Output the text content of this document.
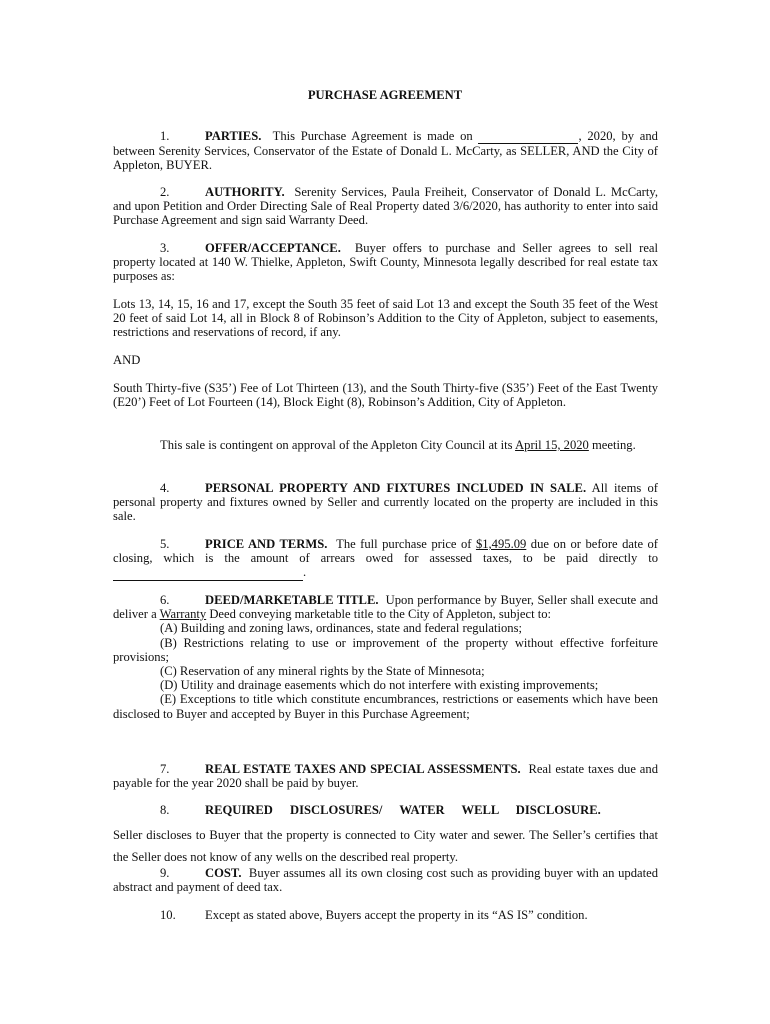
PURCHASE AGREEMENT

1.	PARTIES. This Purchase Agreement is made on	, 2020, by and between Serenity Services, Conservator of the Estate of Donald L. McCarty, as SELLER, AND the City of Appleton, BUYER.

2.	AUTHORITY. Serenity Services, Paula Freiheit, Conservator of Donald L. McCarty, and upon Petition and Order Directing Sale of Real Property dated 3/6/2020, has authority to enter into said Purchase Agreement and sign said Warranty Deed.

3.	OFFER/ACCEPTANCE. Buyer offers to purchase and Seller agrees to sell real property located at 140 W. Thielke, Appleton, Swift County, Minnesota legally described for real estate tax purposes as:

Lots 13, 14, 15, 16 and 17, except the South 35 feet of said Lot 13 and except the South 35 feet of the West 20 feet of said Lot 14, all in Block 8 of Robinson’s Addition to the City of Appleton, subject to easements, restrictions and reservations of record, if any.

AND

South Thirty-five (S35’) Fee of Lot Thirteen (13), and the South Thirty-five (S35’) Feet of the East Twenty (E20’) Feet of Lot Fourteen (14), Block Eight (8), Robinson’s Addition, City of Appleton.

This sale is contingent on approval of the Appleton City Council at its April 15, 2020 meeting.

4.	PERSONAL PROPERTY AND FIXTURES INCLUDED IN SALE. All items of personal property and fixtures owned by Seller and currently located on the property are included in this sale.

5.	PRICE AND TERMS. The full purchase price of $1,495.09 due on or before date of closing, which is the amount of arrears owed for assessed taxes, to be paid directly to  .

6.	DEED/MARKETABLE TITLE. Upon performance by Buyer, Seller shall execute and deliver a Warranty Deed conveying marketable title to the City of Appleton, subject to:
(A) Building and zoning laws, ordinances, state and federal regulations;
(B) Restrictions relating to use or improvement of the property without effective forfeiture provisions;
(C) Reservation of any mineral rights by the State of Minnesota;
(D) Utility and drainage easements which do not interfere with existing improvements;
(E) Exceptions to title which constitute encumbrances, restrictions or easements which have been disclosed to Buyer and accepted by Buyer in this Purchase Agreement;

7.	REAL ESTATE TAXES AND SPECIAL ASSESSMENTS. Real estate taxes due and payable for the year 2020 shall be paid by buyer.

8.	REQUIRED DISCLOSURES/ WATER WELL DISCLOSURE.

Seller discloses to Buyer that the property is connected to City water and sewer. The Seller’s certifies that the Seller does not know of any wells on the described real property.

9.	COST. Buyer assumes all its own closing cost such as providing buyer with an updated abstract and payment of deed tax.

10. Except as stated above, Buyers accept the property in its “AS IS” condition.
